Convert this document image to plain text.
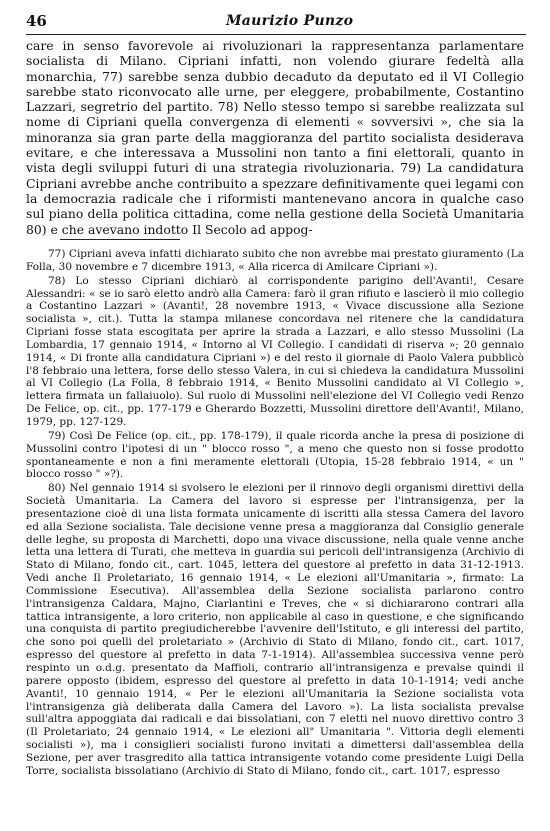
46	Maurizio Punzo

care in senso favorevole ai rivoluzionari la rappresentanza parlamentare socialista di Milano. Cipriani infatti, non volendo giurare fedeltà alla monarchia, 77) sarebbe senza dubbio decaduto da deputato ed il VI Collegio sarebbe stato riconvocato alle urne, per eleggere, probabilmente, Costantino Lazzari, segretrio del partito. 78) Nello stesso tempo si sarebbe realizzata sul nome di Cipriani quella convergenza di elementi « sovversivi », che sia la minoranza sia gran parte della maggioranza del partito socialista desiderava evitare, e che interessava a Mussolini non tanto a fini elettorali, quanto in vista degli sviluppi futuri di una strategia rivoluzionaria. 79) La candidatura Cipriani avrebbe anche contribuito a spezzare definitivamente quei legami con la democrazia radicale che i riformisti mantenevano ancora in qualche caso sul piano della politica cittadina, come nella gestione della Società Umanitaria 80) e che avevano indotto Il Secolo ad appog-

77) Cipriani aveva infatti dichiarato subito che non avrebbe mai prestato giuramento (La Folla, 30 novembre e 7 dicembre 1913, « Alla ricerca di Amilcare Cipriani »).

78) Lo stesso Cipriani dichiarò al corrispondente parigino dell'Avanti!, Cesare Alessandri: « se io sarò eletto andrò alla Camera: farò il gran rifiuto e lascierò il mio collegio a Costantino Lazzari » (Avanti!, 28 novembre 1913, « Vivace discussione alla Sezione socialista », cit.). Tutta la stampa milanese concordava nel ritenere che la candidatura Cipriani fosse stata escogitata per aprire la strada a Lazzari, e allo stesso Mussolini (La Lombardia, 17 gennaio 1914, « Intorno al VI Collegio. I candidati di riserva »; 20 gennaio 1914, « Di fronte alla candidatura Cipriani ») e del resto il giornale di Paolo Valera pubblicò l'8 febbraio una lettera, forse dello stesso Valera, in cui si chiedeva la candidatura Mussolini al VI Collegio (La Folla, 8 febbraio 1914, « Benito Mussolini candidato al VI Collegio », lettera firmata un fallaiuolo). Sul ruolo di Mussolini nell'elezione del VI Collegio vedi Renzo De Felice, op. cit., pp. 177-179 e Gherardo Bozzetti, Mussolini direttore dell'Avanti!, Milano, 1979, pp. 127-129.

79) Così De Felice (op. cit., pp. 178-179), il quale ricorda anche la presa di posizione di Mussolini contro l'ipotesi di un " blocco rosso ", a meno che questo non si fosse prodotto spontaneamente e non a fini meramente elettorali (Utopia, 15-28 febbraio 1914, « un " blocco rosso " »?).

80) Nel gennaio 1914 si svolsero le elezioni per il rinnovo degli organismi direttivi della Società Umanitaria. La Camera del lavoro si espresse per l'intransigenza, per la presentazione cioè di una lista formata unicamente di iscritti alla stessa Camera del lavoro ed alla Sezione socialista. Tale decisione venne presa a maggioranza dal Consiglio generale delle leghe, su proposta di Marchetti, dopo una vivace discussione, nella quale venne anche letta una lettera di Turati, che metteva in guardia sui pericoli dell'intransigenza (Archivio di Stato di Milano, fondo cit., cart. 1045, lettera del questore al prefetto in data 31-12-1913. Vedi anche Il Proletariato, 16 gennaio 1914, « Le elezioni all'Umanitaria », firmato: La Commissione Esecutiva). All'assemblea della Sezione socialista parlarono contro l'intransigenza Caldara, Majno, Ciarlantini e Treves, che « si dichiararono contrari alla tattica intransigente, a loro criterio, non applicabile al caso in questione, e che significando una conquista di partito pregiudicherebbe l'avvenire dell'Istituto, e gli interessi del partito, che sono poi quelli del proletariato » (Archivio di Stato di Milano, fondo cit., cart. 1017, espresso del questore al prefetto in data 7-1-1914). All'assemblea successiva venne però respinto un o.d.g. presentato da Maffioli, contrario all'intransigenza e prevalse quindi il parere opposto (ibidem, espresso del questore al prefetto in data 10-1-1914; vedi anche Avanti!, 10 gennaio 1914, « Per le elezioni all'Umanitaria la Sezione socialista vota l'intransigenza già deliberata dalla Camera del Lavoro »). La lista socialista prevalse sull'altra appoggiata dai radicali e dai bissolatiani, con 7 eletti nel nuovo direttivo contro 3 (Il Proletariato, 24 gennaio 1914, « Le elezioni all" Umanitaria ". Vittoria degli elementi socialisti »), ma i consiglieri socialisti furono invitati a dimettersi dall'assemblea della Sezione, per aver trasgredito alla tattica intransigente votando come presidente Luigi Della Torre, socialista bissolatiano (Archivio di Stato di Milano, fondo cit., cart. 1017, espresso
